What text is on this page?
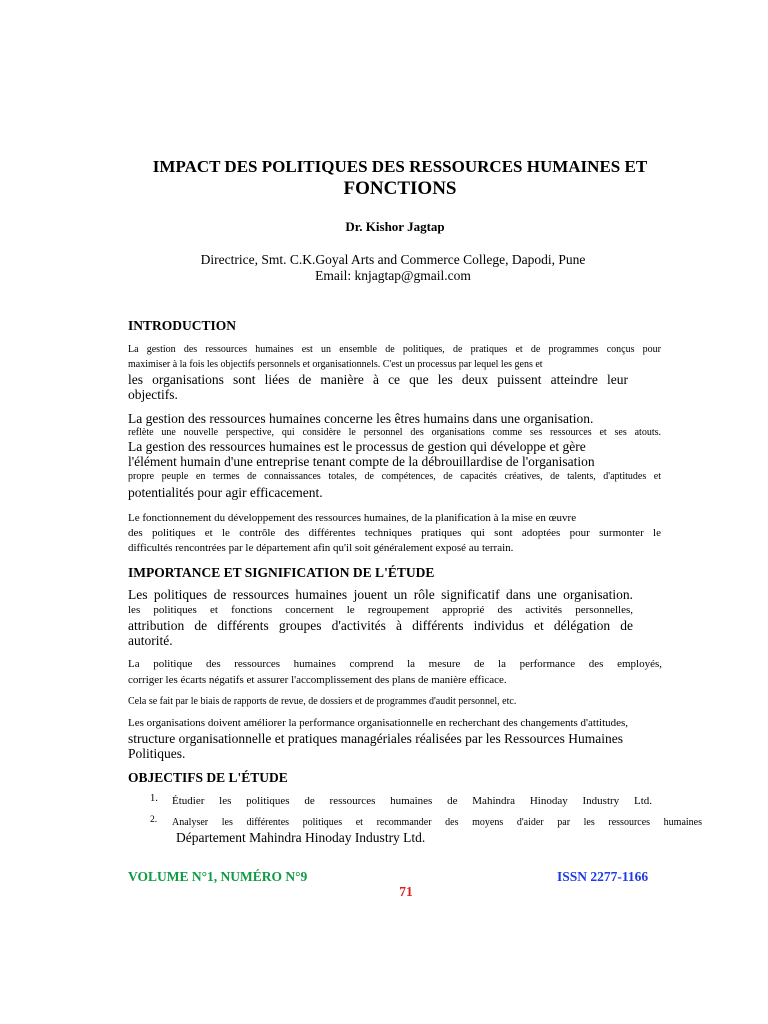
IMPACT DES POLITIQUES DES RESSOURCES HUMAINES ET
FONCTIONS
Dr. Kishor Jagtap
Directrice, Smt. C.K.Goyal Arts and Commerce College, Dapodi, Pune
Email: knjagtap@gmail.com
INTRODUCTION
La gestion des ressources humaines est un ensemble de politiques, de pratiques et de programmes conçus pour
maximiser à la fois les objectifs personnels et organisationnels. C'est un processus par lequel les gens et
les organisations sont liées de manière à ce que les deux puissent atteindre leur
objectifs.
La gestion des ressources humaines concerne les êtres humains dans une organisation.
reflète une nouvelle perspective, qui considère le personnel des organisations comme ses ressources et ses atouts.
La gestion des ressources humaines est le processus de gestion qui développe et gère
l'élément humain d'une entreprise tenant compte de la débrouillardise de l'organisation
propre peuple en termes de connaissances totales, de compétences, de capacités créatives, de talents, d'aptitudes et
potentialités pour agir efficacement.
Le fonctionnement du développement des ressources humaines, de la planification à la mise en œuvre
des politiques et le contrôle des différentes techniques pratiques qui sont adoptées pour surmonter le
difficultés rencontrées par le département afin qu'il soit généralement exposé au terrain.
IMPORTANCE ET SIGNIFICATION DE L'ÉTUDE
Les politiques de ressources humaines jouent un rôle significatif dans une organisation.
les politiques et fonctions concernent le regroupement approprié des activités personnelles,
attribution de différents groupes d'activités à différents individus et délégation de
autorité.
La politique des ressources humaines comprend la mesure de la performance des employés,
corriger les écarts négatifs et assurer l'accomplissement des plans de manière efficace.
Cela se fait par le biais de rapports de revue, de dossiers et de programmes d'audit personnel, etc.
Les organisations doivent améliorer la performance organisationnelle en recherchant des changements d'attitudes,
structure organisationnelle et pratiques managériales réalisées par les Ressources Humaines
Politiques.
OBJECTIFS DE L'ÉTUDE
1. Étudier les politiques de ressources humaines de Mahindra Hinoday Industry Ltd.
2. Analyser les différentes politiques et recommander des moyens d'aider par les ressources humaines
Département Mahindra Hinoday Industry Ltd.
VOLUME N°1, NUMÉRO N°9	ISSN 2277-1166
71
